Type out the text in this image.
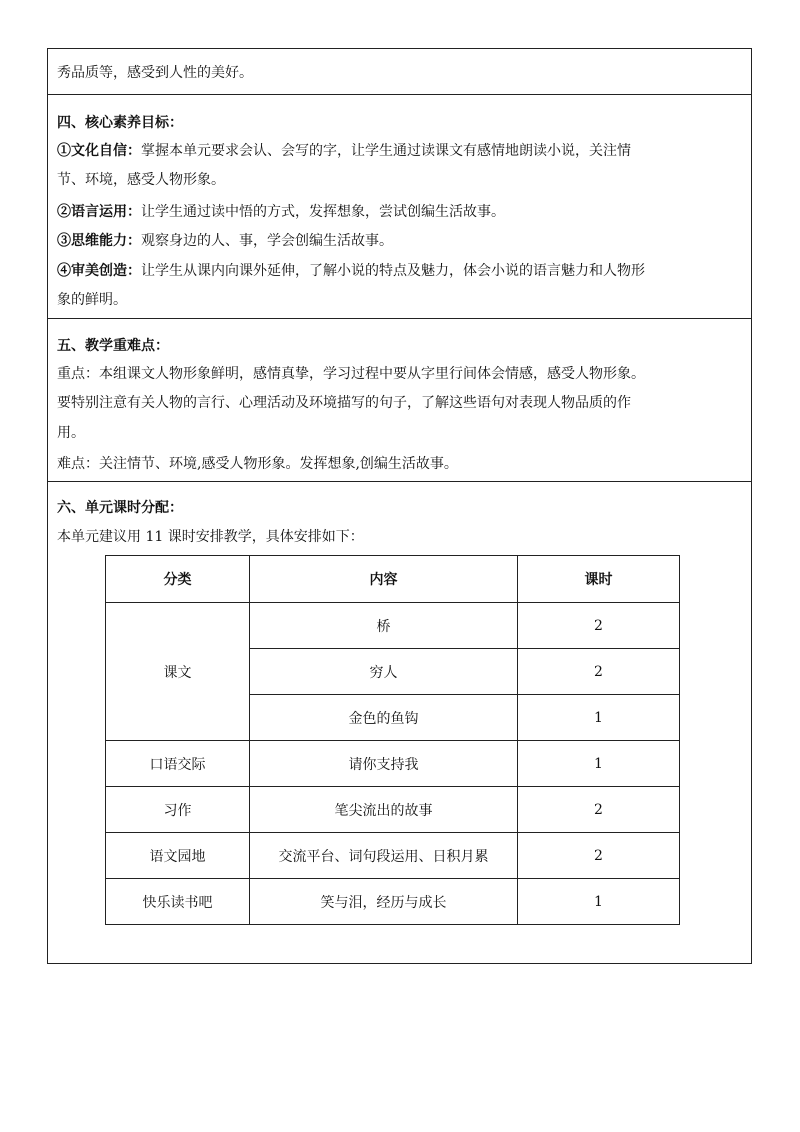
秀品质等，感受到人性的美好。
四、核心素养目标：
①文化自信：掌握本单元要求会认、会写的字，让学生通过读课文有感情地朗读小说，关注情
节、环境，感受人物形象。
②语言运用：让学生通过读中悟的方式，发挥想象，尝试创编生活故事。
③思维能力：观察身边的人、事，学会创编生活故事。
④审美创造：让学生从课内向课外延伸，了解小说的特点及魅力，体会小说的语言魅力和人物形
象的鲜明。
五、教学重难点：
重点：本组课文人物形象鲜明，感情真挚，学习过程中要从字里行间体会情感，感受人物形象。
要特别注意有关人物的言行、心理活动及环境描写的句子，了解这些语句对表现人物品质的作
用。
难点：关注情节、环境,感受人物形象。发挥想象,创编生活故事。
六、单元课时分配：
本单元建议用 11 课时安排教学，具体安排如下：
分类	内容	课时
课文	桥	2
	穷人	2
	金色的鱼钩	1
口语交际	请你支持我	1
习作	笔尖流出的故事	2
语文园地	交流平台、词句段运用、日积月累	2
快乐读书吧	笑与泪，经历与成长	1
